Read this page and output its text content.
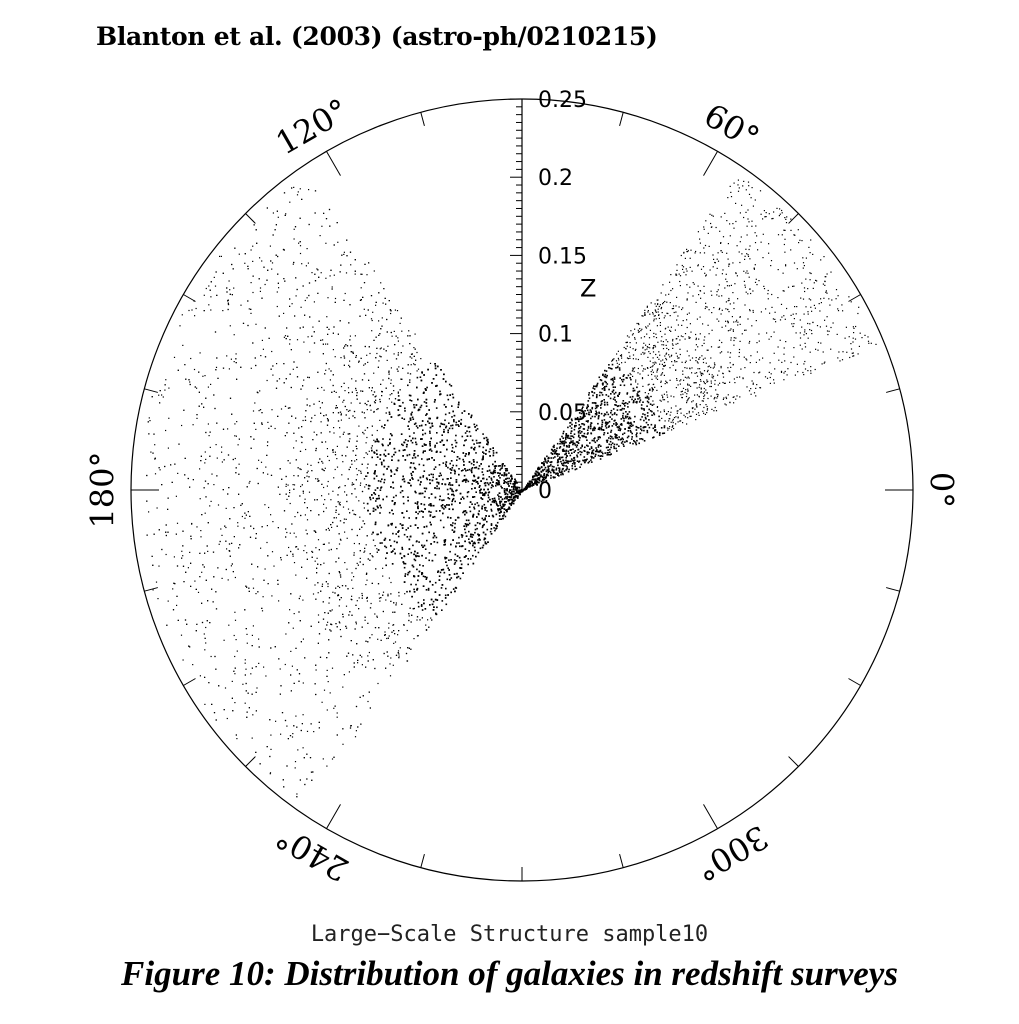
Blanton et al. (2003) (astro-ph/0210215)
0
0.05
0.1
0.15
0.2
0.25
Z
0°
60°
120°
180°
240°	300°
Large−Scale Structure sample10
Figure 10: Distribution of galaxies in redshift surveys
